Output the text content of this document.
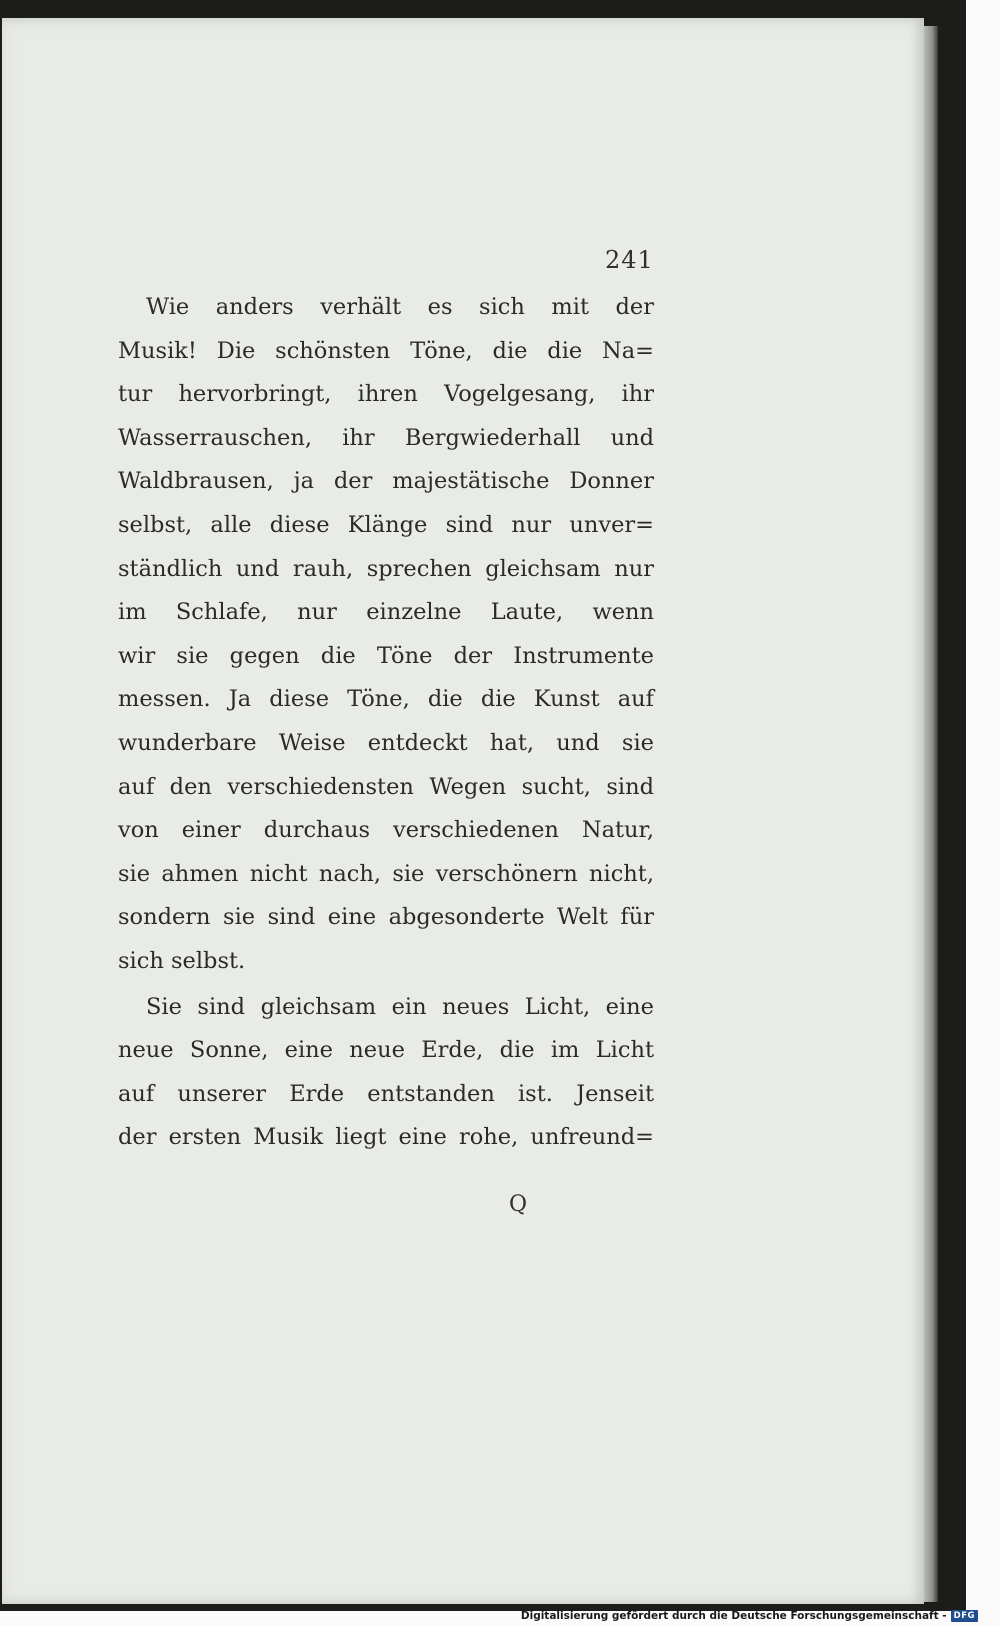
241
Wie anders verhält es sich mit der
Musik! Die schönsten Töne, die die Na=
tur hervorbringt, ihren Vogelgesang, ihr
Wasserrauschen, ihr Bergwiederhall und
Waldbrausen, ja der majestätische Donner
selbst, alle diese Klänge sind nur unver=
ständlich und rauh, sprechen gleichsam nur
im Schlafe, nur einzelne Laute, wenn
wir sie gegen die Töne der Instrumente
messen. Ja diese Töne, die die Kunst auf
wunderbare Weise entdeckt hat, und sie
auf den verschiedensten Wegen sucht, sind
von einer durchaus verschiedenen Natur,
sie ahmen nicht nach, sie verschönern nicht,
sondern sie sind eine abgesonderte Welt für
sich selbst.
Sie sind gleichsam ein neues Licht, eine
neue Sonne, eine neue Erde, die im Licht
auf unserer Erde entstanden ist. Jenseit
der ersten Musik liegt eine rohe, unfreund=
Q
Digitalisierung gefördert durch die Deutsche Forschungsgemeinschaft - DFG
